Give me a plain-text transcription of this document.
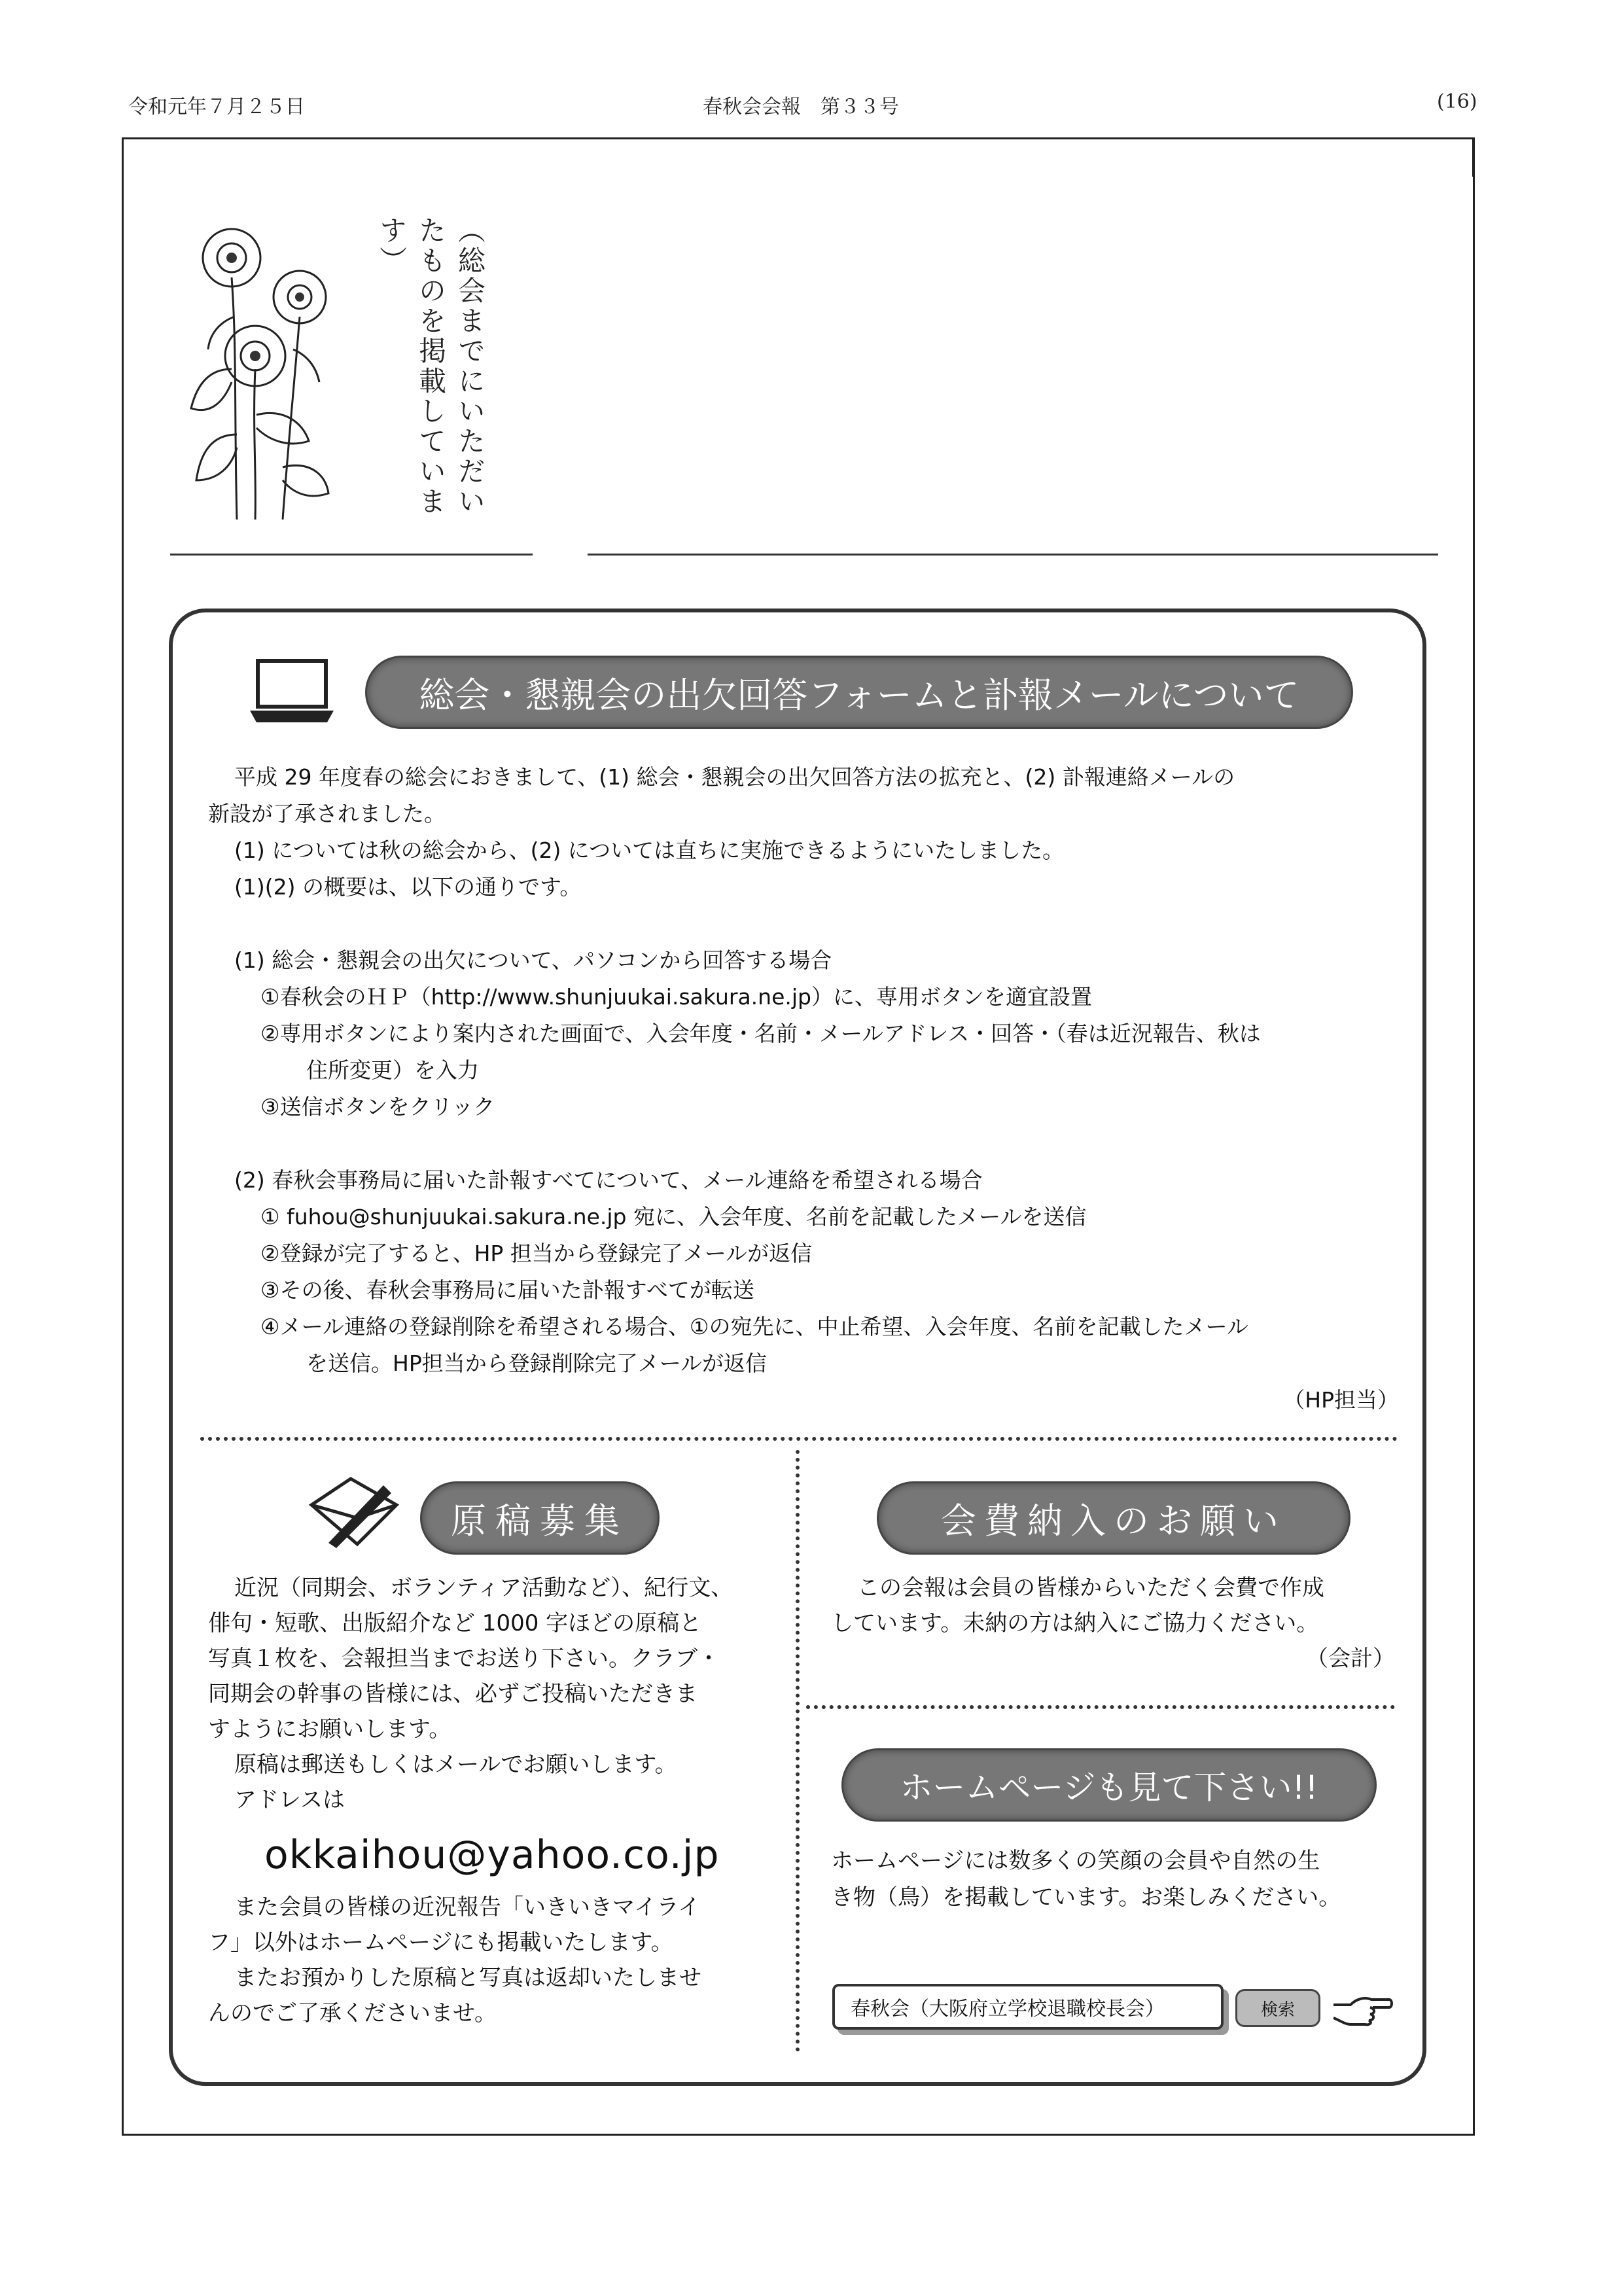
令和元年７月２５日	春秋会会報　第３３号	(16)
（総会までにいただいたものを掲載しています）
総会・懇親会の出欠回答フォームと訃報メールについて

平成 29 年度春の総会におきまして、(1) 総会・懇親会の出欠回答方法の拡充と、(2) 訃報連絡メールの

新設が了承されました。

(1) については秋の総会から、(2) については直ちに実施できるようにいたしました。

(1)(2) の概要は、以下の通りです。

(1) 総会・懇親会の出欠について、パソコンから回答する場合

①春秋会のＨＰ（http://www.shunjuukai.sakura.ne.jp）に、専用ボタンを適宜設置

②専用ボタンにより案内された画面で、入会年度・名前・メールアドレス・回答・（春は近況報告、秋は

住所変更）を入力

③送信ボタンをクリック

(2) 春秋会事務局に届いた訃報すべてについて、メール連絡を希望される場合

① fuhou@shunjuukai.sakura.ne.jp 宛に、入会年度、名前を記載したメールを送信

②登録が完了すると、HP 担当から登録完了メールが返信

③その後、春秋会事務局に届いた訃報すべてが転送

④メール連絡の登録削除を希望される場合、①の宛先に、中止希望、入会年度、名前を記載したメール

を送信。HP担当から登録削除完了メールが返信

（HP担当）

原稿募集

近況（同期会、ボランティア活動など）、紀行文、

俳句・短歌、出版紹介など 1000 字ほどの原稿と

写真１枚を、会報担当までお送り下さい。クラブ・

同期会の幹事の皆様には、必ずご投稿いただきま

すようにお願いします。

原稿は郵送もしくはメールでお願いします。

アドレスは

okkaihou@yahoo.co.jp

また会員の皆様の近況報告「いきいきマイライ

フ」以外はホームページにも掲載いたします。

またお預かりした原稿と写真は返却いたしませ

んのでご了承くださいませ。

会費納入のお願い

この会報は会員の皆様からいただく会費で作成

しています。未納の方は納入にご協力ください。

（会計）

ホームページも見て下さい!!

ホームページには数多くの笑顔の会員や自然の生

き物（鳥）を掲載しています。お楽しみください。

春秋会（大阪府立学校退職校長会）	検索
